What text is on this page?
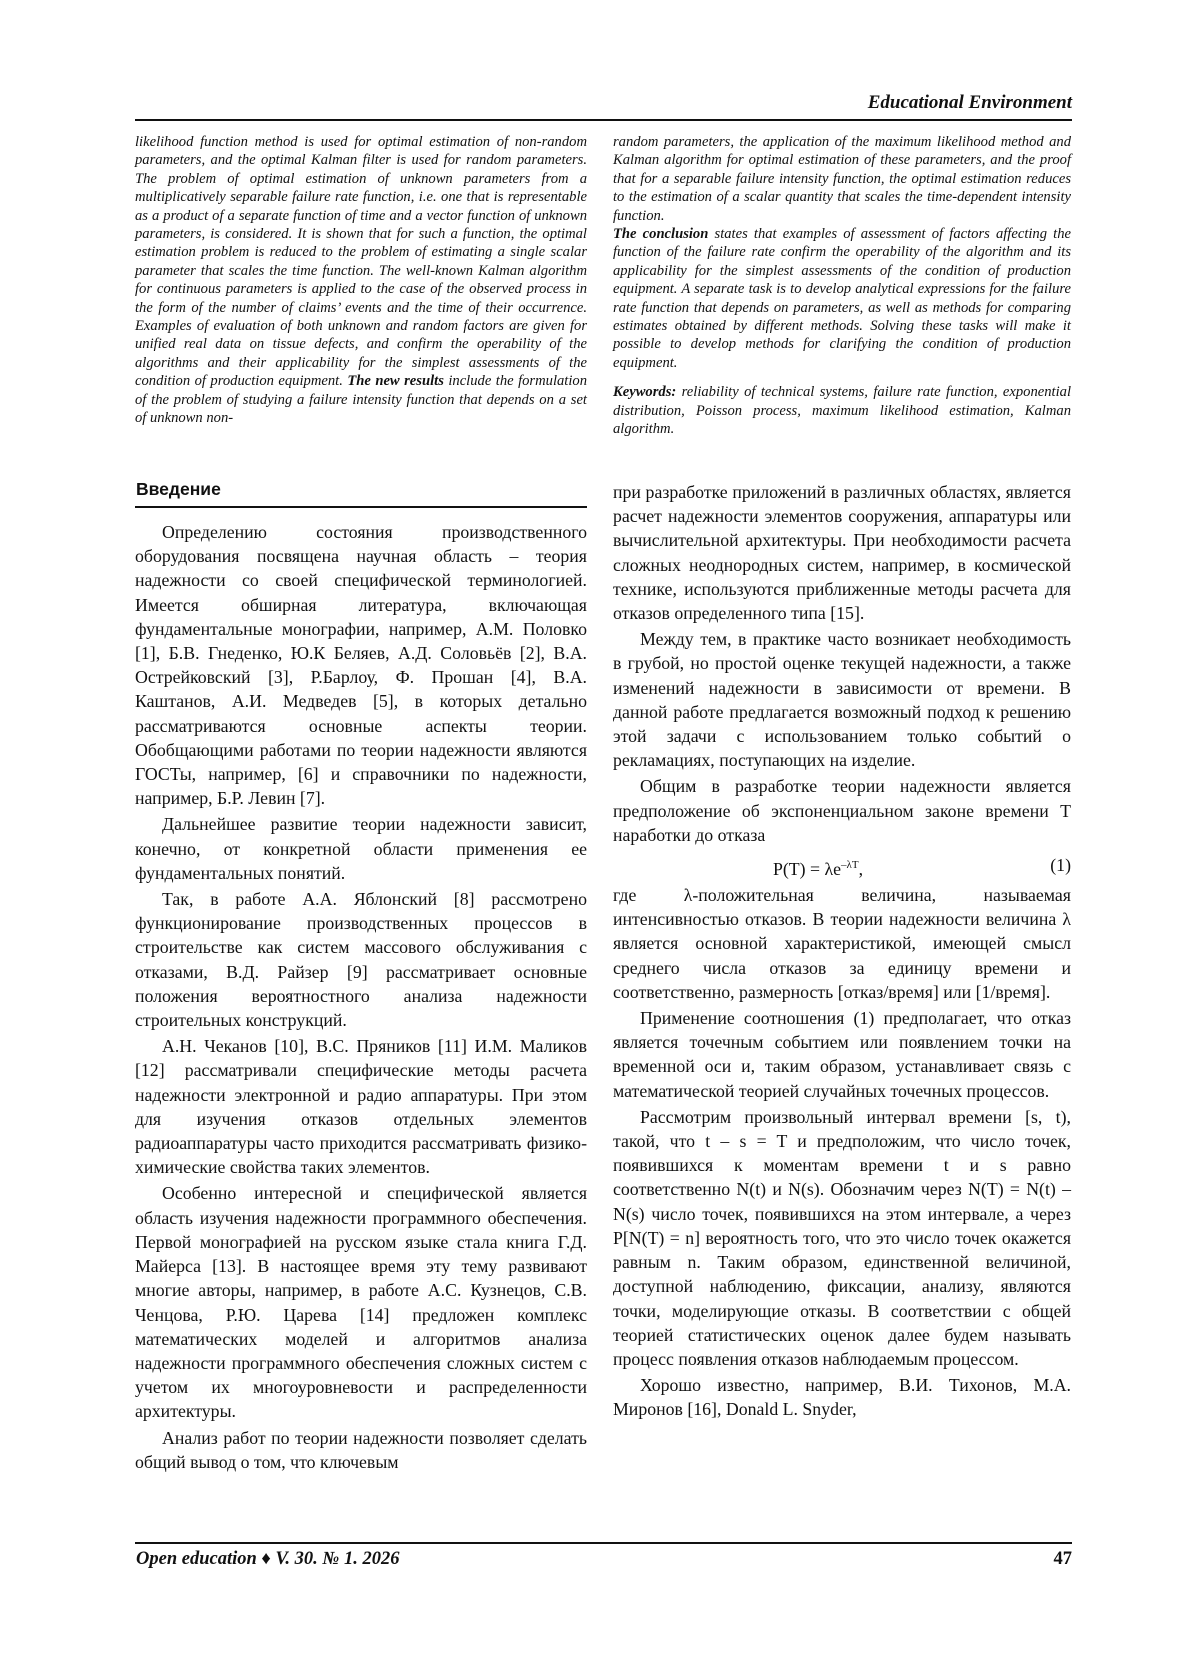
Educational Environment

likelihood function method is used for optimal estimation of non-random parameters, and the optimal Kalman filter is used for random parameters. The problem of optimal estimation of unknown parameters from a multiplicatively separable failure rate function, i.e. one that is representable as a product of a separate function of time and a vector function of unknown parameters, is considered. It is shown that for such a function, the optimal estimation problem is reduced to the problem of estimating a single scalar parameter that scales the time function. The well-known Kalman algorithm for continuous parameters is applied to the case of the observed process in the form of the number of claims’ events and the time of their occurrence. Examples of evaluation of both unknown and random factors are given for unified real data on tissue defects, and confirm the operability of the algorithms and their applicability for the simplest assessments of the condition of production equipment. The new results include the formulation of the problem of studying a failure intensity function that depends on a set of unknown non-

random parameters, the application of the maximum likelihood method and Kalman algorithm for optimal estimation of these parameters, and the proof that for a separable failure intensity function, the optimal estimation reduces to the estimation of a scalar quantity that scales the time-dependent intensity function.

The conclusion states that examples of assessment of factors affecting the function of the failure rate confirm the operability of the algorithm and its applicability for the simplest assessments of the condition of production equipment. A separate task is to develop analytical expressions for the failure rate function that depends on parameters, as well as methods for comparing estimates obtained by different methods. Solving these tasks will make it possible to develop methods for clarifying the condition of production equipment.

Keywords: reliability of technical systems, failure rate function, exponential distribution, Poisson process, maximum likelihood estimation, Kalman algorithm.

Введение

Определению состояния производственного оборудования посвящена научная область – теория надежности со своей специфической терминологией. Имеется обширная литература, включающая фундаментальные монографии, например, А.М. Половко [1], Б.В. Гнеденко, Ю.К Беляев, А.Д. Соловьёв [2], В.А. Острейковский [3], Р.Барлоу, Ф. Прошан [4], В.А. Каштанов, А.И. Медведев [5], в которых детально рассматриваются основные аспекты теории. Обобщающими работами по теории надежности являются ГОСТы, например, [6] и справочники по надежности, например, Б.Р. Левин [7].

Дальнейшее развитие теории надежности зависит, конечно, от конкретной области применения ее фундаментальных понятий.

Так, в работе А.А. Яблонский [8] рассмотрено функционирование производственных процессов в строительстве как систем массового обслуживания с отказами, В.Д. Райзер [9] рассматривает основные положения вероятностного анализа надежности строительных конструкций.

А.Н. Чеканов [10], В.С. Пряников [11] И.М. Маликов [12] рассматривали специфические методы расчета надежности электронной и радио аппаратуры. При этом для изучения отказов отдельных элементов радиоаппаратуры часто приходится рассматривать физико-химические свойства таких элементов.

Особенно интересной и специфической является область изучения надежности программного обеспечения. Первой монографией на русском языке стала книга Г.Д. Майерса [13]. В настоящее время эту тему развивают многие авторы, например, в работе А.С. Кузнецов, С.В. Ченцова, Р.Ю. Царева [14] предложен комплекс математических моделей и алгоритмов анализа надежности программного обеспечения сложных систем с учетом их многоуровневости и распределенности архитектуры.

Анализ работ по теории надежности позволяет сделать общий вывод о том, что ключевым

при разработке приложений в различных областях, является расчет надежности элементов сооружения, аппаратуры или вычислительной архитектуры. При необходимости расчета сложных неоднородных систем, например, в космической технике, используются приближенные методы расчета для отказов определенного типа [15].

Между тем, в практике часто возникает необходимость в грубой, но простой оценке текущей надежности, а также изменений надежности в зависимости от времени. В данной работе предлагается возможный подход к решению этой задачи с использованием только событий о рекламациях, поступающих на изделие.

Общим в разработке теории надежности является предположение об экспоненциальном законе времени T наработки до отказа

$P(T) = \lambda e^{-\lambda T}$,	(1)

где λ-положительная величина, называемая интенсивностью отказов. В теории надежности величина λ является основной характеристикой, имеющей смысл среднего числа отказов за единицу времени и соответственно, размерность [отказ/время] или [1/время].

Применение соотношения (1) предполагает, что отказ является точечным событием или появлением точки на временной оси и, таким образом, устанавливает связь с математической теорией случайных точечных процессов.

Рассмотрим произвольный интервал времени [s, t), такой, что t – s = T и предположим, что число точек, появившихся к моментам времени t и s равно соответственно N(t) и N(s). Обозначим через N(T) = N(t) – N(s) число точек, появившихся на этом интервале, а через P[N(T) = n] вероятность того, что это число точек окажется равным n. Таким образом, единственной величиной, доступной наблюдению, фиксации, анализу, являются точки, моделирующие отказы. В соответствии с общей теорией статистических оценок далее будем называть процесс появления отказов наблюдаемым процессом.

Хорошо известно, например, В.И. Тихонов, М.А. Миронов [16], Donald L. Snyder,

Open education ♦ V. 30. № 1. 2026	47
